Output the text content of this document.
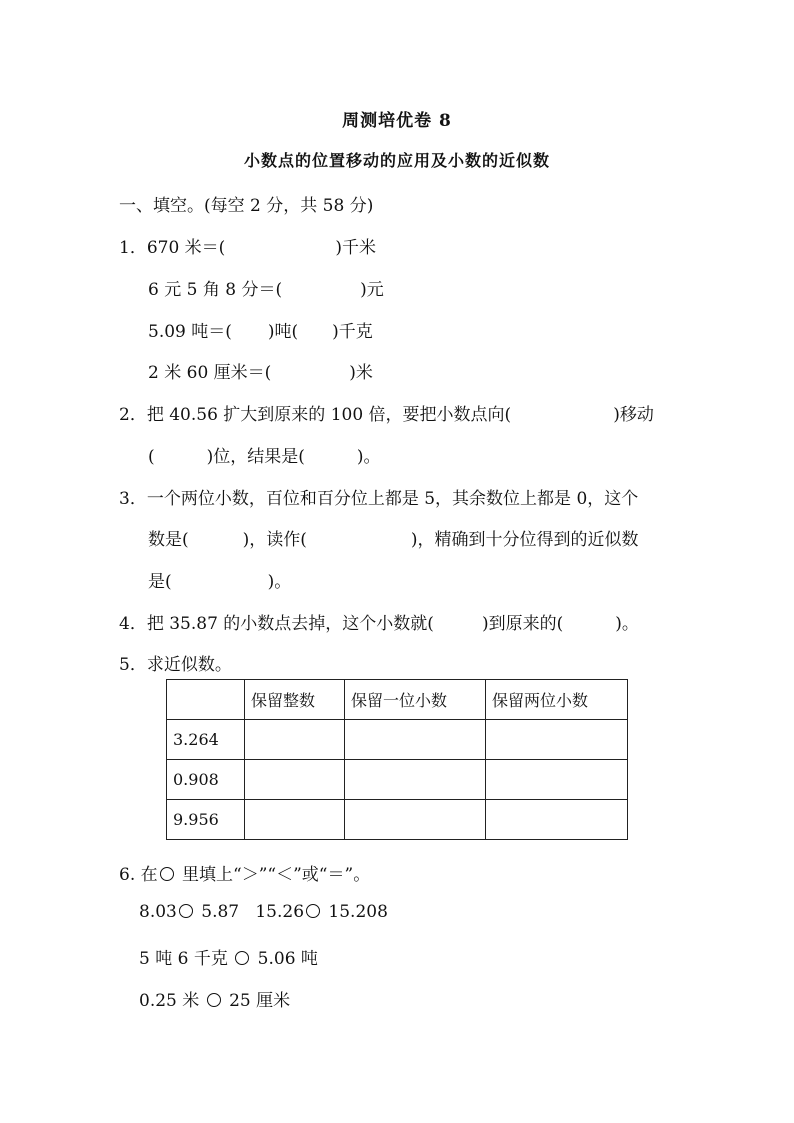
周测培优卷 8
小数点的位置移动的应用及小数的近似数
一、填空。(每空 2 分，共 58 分)
1．670 米＝(	)千米
6 元 5 角 8 分＝(	)元
5.09 吨＝( )吨( )千克
2 米 60 厘米＝(	)米
2．把 40.56 扩大到原来的 100 倍，要把小数点向(	)移动
(	)位，结果是(	)。
3．一个两位小数，百位和百分位上都是 5，其余数位上都是 0，这个
数是(	)，读作(	)，精确到十分位得到的近似数
是(	)。
4．把 35.87 的小数点去掉，这个小数就(	)到原来的(	)。
5．求近似数。
	保留整数	保留一位小数	保留两位小数
3.264			
0.908			
9.956			
6. 在 里填上“＞”“＜”或“＝”。
8.03 5.87 15.26 15.208
5 吨 6 千克 5.06 吨
0.25 米 25 厘米
